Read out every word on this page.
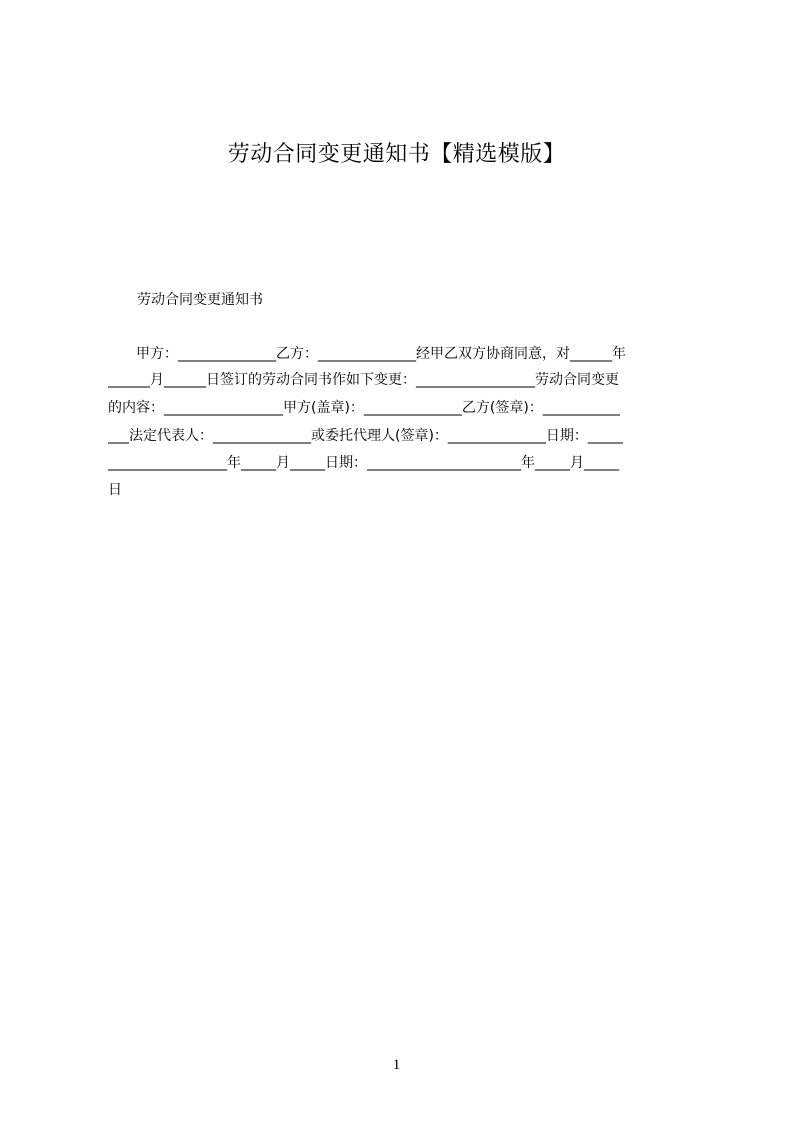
劳动合同变更通知书【精选模版】
劳动合同变更通知书
　　甲方：______________乙方：______________经甲乙双方协商同意，对______年
______月______日签订的劳动合同书作如下变更：_________________劳动合同变更
的内容：_________________甲方(盖章)：______________乙方(签章)：___________
___法定代表人：______________或委托代理人(签章)：______________日期：_____
_________________年_____月_____日期：______________________年_____月_____
日
1
